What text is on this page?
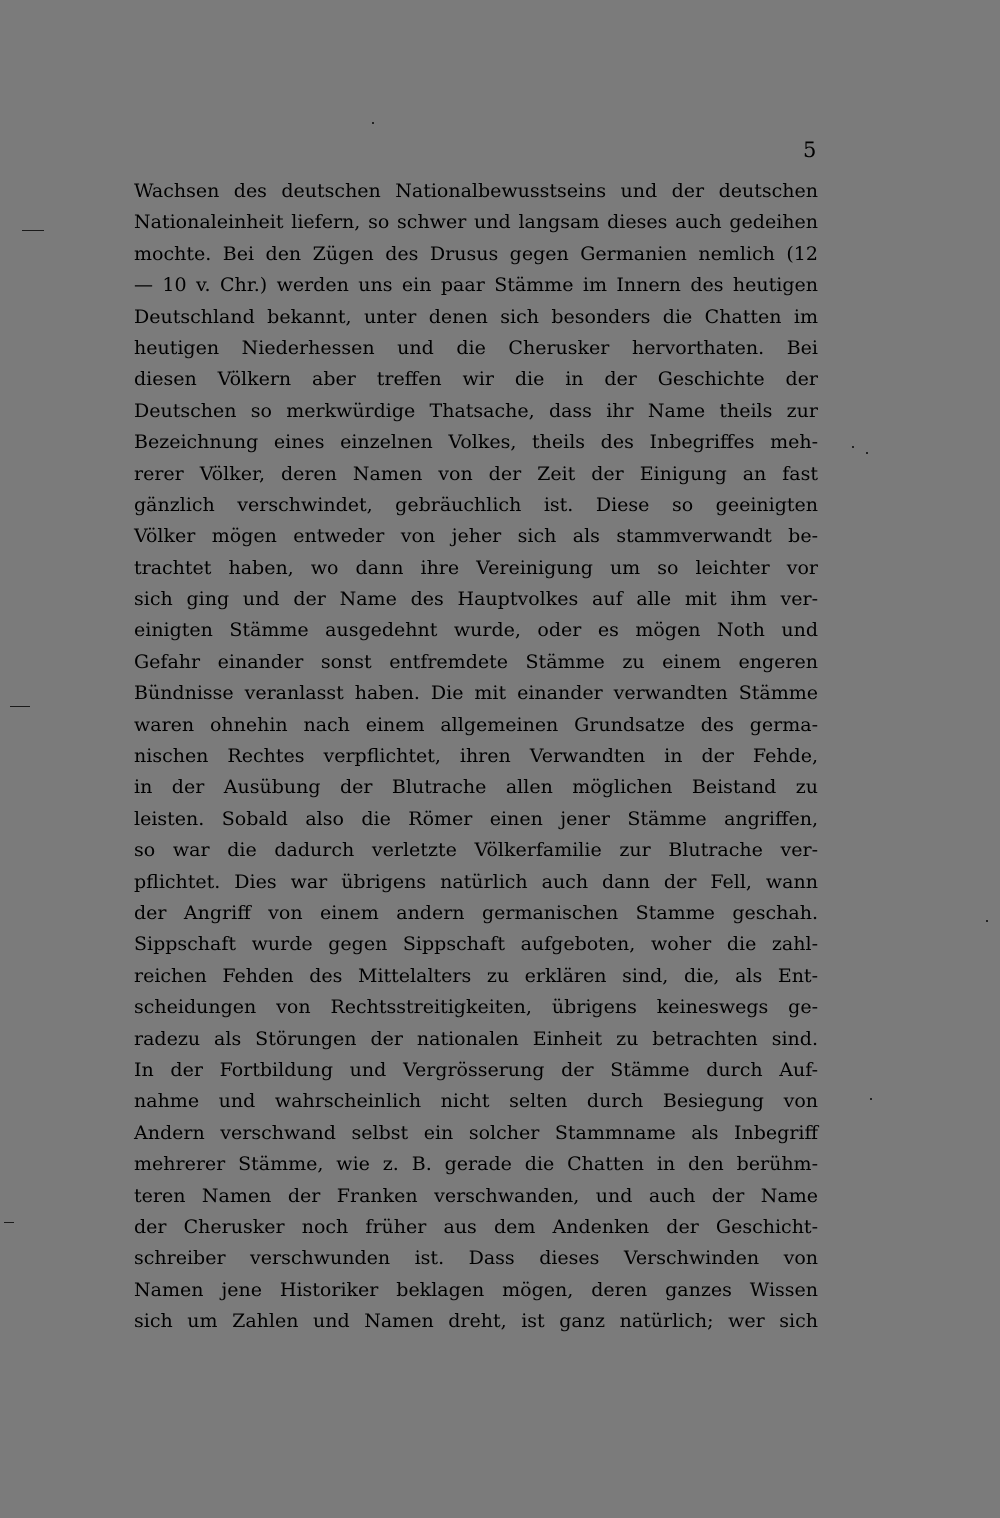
5
Wachsen des deutschen Nationalbewusstseins und der deutschen
Nationaleinheit liefern, so schwer und langsam dieses auch gedeihen
mochte. Bei den Zügen des Drusus gegen Germanien nemlich (12
— 10 v. Chr.) werden uns ein paar Stämme im Innern des heutigen
Deutschland bekannt, unter denen sich besonders die Chatten im
heutigen Niederhessen und die Cherusker hervorthaten. Bei
diesen Völkern aber treffen wir die in der Geschichte der
Deutschen so merkwürdige Thatsache, dass ihr Name theils zur
Bezeichnung eines einzelnen Volkes, theils des Inbegriffes meh-
rerer Völker, deren Namen von der Zeit der Einigung an fast
gänzlich verschwindet, gebräuchlich ist. Diese so geeinigten
Völker mögen entweder von jeher sich als stammverwandt be-
trachtet haben, wo dann ihre Vereinigung um so leichter vor
sich ging und der Name des Hauptvolkes auf alle mit ihm ver-
einigten Stämme ausgedehnt wurde, oder es mögen Noth und
Gefahr einander sonst entfremdete Stämme zu einem engeren
Bündnisse veranlasst haben. Die mit einander verwandten Stämme
waren ohnehin nach einem allgemeinen Grundsatze des germa-
nischen Rechtes verpflichtet, ihren Verwandten in der Fehde,
in der Ausübung der Blutrache allen möglichen Beistand zu
leisten. Sobald also die Römer einen jener Stämme angriffen,
so war die dadurch verletzte Völkerfamilie zur Blutrache ver-
pflichtet. Dies war übrigens natürlich auch dann der Fell, wann
der Angriff von einem andern germanischen Stamme geschah.
Sippschaft wurde gegen Sippschaft aufgeboten, woher die zahl-
reichen Fehden des Mittelalters zu erklären sind, die, als Ent-
scheidungen von Rechtsstreitigkeiten, übrigens keineswegs ge-
radezu als Störungen der nationalen Einheit zu betrachten sind.
In der Fortbildung und Vergrösserung der Stämme durch Auf-
nahme und wahrscheinlich nicht selten durch Besiegung von
Andern verschwand selbst ein solcher Stammname als Inbegriff
mehrerer Stämme, wie z. B. gerade die Chatten in den berühm-
teren Namen der Franken verschwanden, und auch der Name
der Cherusker noch früher aus dem Andenken der Geschicht-
schreiber verschwunden ist. Dass dieses Verschwinden von
Namen jene Historiker beklagen mögen, deren ganzes Wissen
sich um Zahlen und Namen dreht, ist ganz natürlich; wer sich
